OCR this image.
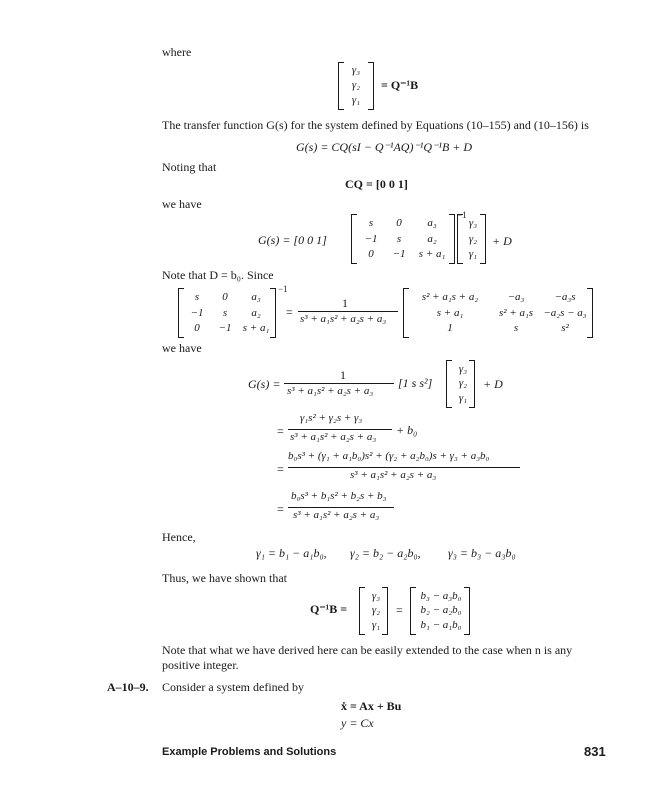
where
γ₃
γ₂
γ₁
= Q⁻¹B
The transfer function G(s) for the system defined by Equations (10–155) and (10–156) is
G(s) = CQ(sI − Q⁻¹AQ)⁻¹Q⁻¹B + D
Noting that
CQ = [0 0 1]
we have
G(s) = [0 0 1]
s	0	a₃
−1	s	a₂
0	−1	s + a₁
−1
γ₃
γ₂
γ₁
+ D
Note that D = b₀. Since
s	0	a₃
−1	s	a₂
0	−1	s + a₁
−1
=
1
s³ + a₁s² + a₂s + a₃
s² + a₁s + a₂	−a₃	−a₃s
s + a₁	s² + a₁s −a₂s − a₃
1	s	s²
we have
G(s) =
1
s³ + a₁s² + a₂s + a₃
[1 s s²]
γ₃
γ₂
γ₁
+ D
=
γ₁s² + γ₂s + γ₃
s³ + a₁s² + a₂s + a₃ + b₀
=
b₀s³ + (γ₁ + a₁b₀)s² + (γ₂ + a₂b₀)s + γ₃ + a₃b₀
s³ + a₁s² + a₂s + a₃
=
b₀s³ + b₁s² + b₂s + b₃
s³ + a₁s² + a₂s + a₃
Hence,
γ₁ = b₁ − a₁b₀, γ₂ = b₂ − a₂b₀, γ₃ = b₃ − a₃b₀
Thus, we have shown that
Q⁻¹B =
γ₃
γ₂
γ₁
=
b₃ − a₃b₀
b₂ − a₂b₀
b₁ − a₁b₀
Note that what we have derived here can be easily extended to the case when n is any positive integer.
A–10–9. Consider a system defined by
ẋ = Ax + Bu
y = Cx
Example Problems and Solutions	831
